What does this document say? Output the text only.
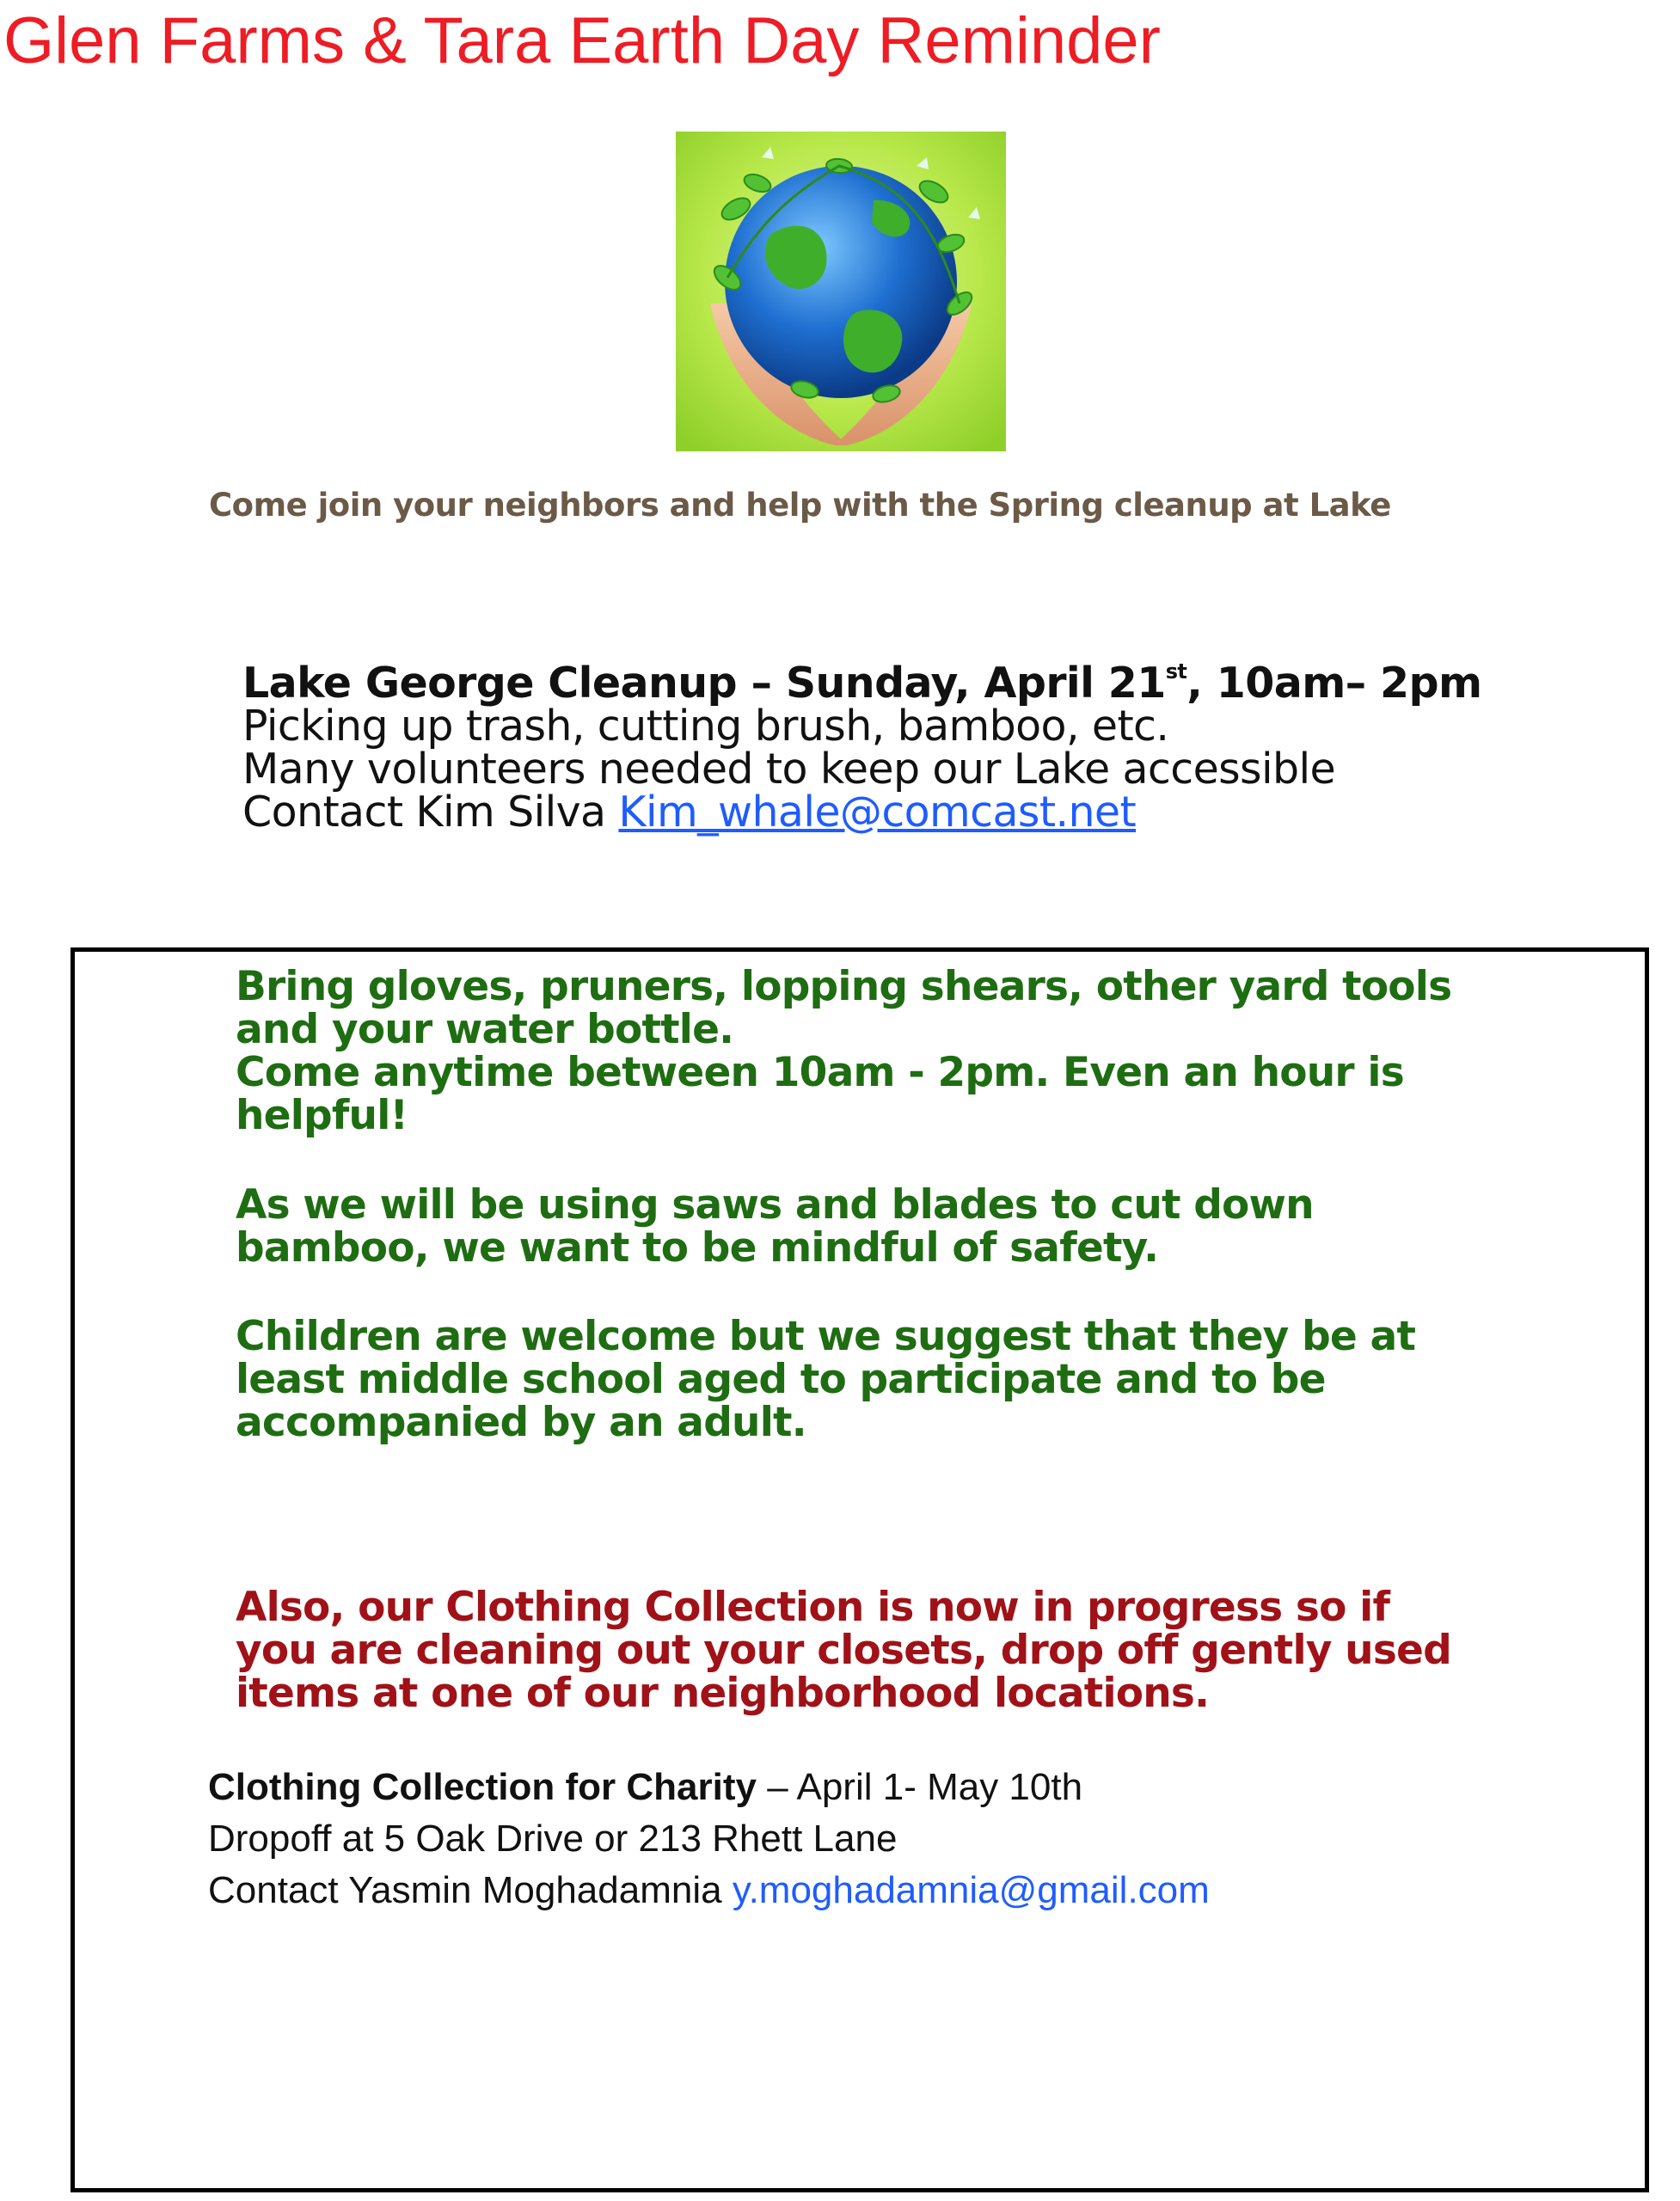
Glen Farms & Tara Earth Day Reminder

Come join your neighbors and help with the Spring cleanup at Lake

Lake George Cleanup – Sunday, April 21st, 10am– 2pm
Picking up trash, cutting brush, bamboo, etc.
Many volunteers needed to keep our Lake accessible
Contact Kim Silva Kim_whale@comcast.net
Bring gloves, pruners, lopping shears, other yard tools
and your water bottle.
Come anytime between 10am - 2pm. Even an hour is
helpful!
As we will be using saws and blades to cut down
bamboo, we want to be mindful of safety.
Children are welcome but we suggest that they be at
least middle school aged to participate and to be
accompanied by an adult.
Also, our Clothing Collection is now in progress so if
you are cleaning out your closets, drop off gently used
items at one of our neighborhood locations.
Clothing Collection for Charity – April 1- May 10th
Dropoff at 5 Oak Drive or 213 Rhett Lane
Contact Yasmin Moghadamnia y.moghadamnia@gmail.com
